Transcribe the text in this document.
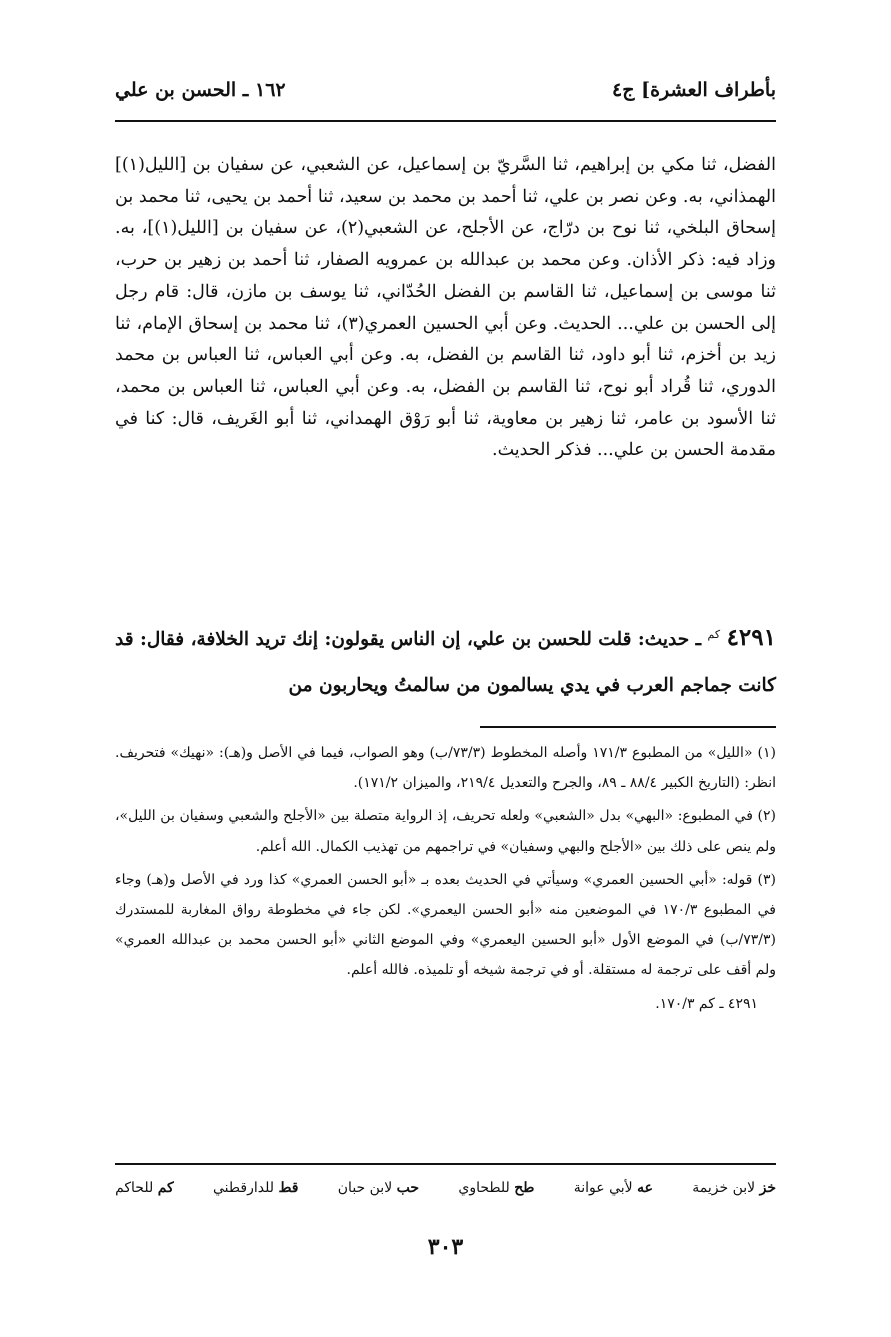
بأطراف العشرة] ج٤
١٦٢ ـ الحسن بن علي

الفضل، ثنا مكي بن إبراهيم، ثنا السَّريّ بن إسماعيل، عن الشعبي، عن سفيان بن [الليل(١)] الهمذاني، به. وعن نصر بن علي، ثنا أحمد بن محمد بن سعيد، ثنا أحمد بن يحيى، ثنا محمد بن إسحاق البلخي، ثنا نوح بن درّاج، عن الأجلح، عن الشعبي(٢)، عن سفيان بن [الليل(١)]، به. وزاد فيه: ذكر الأذان. وعن محمد بن عبدالله بن عمرويه الصفار، ثنا أحمد بن زهير بن حرب، ثنا موسى بن إسماعيل، ثنا القاسم بن الفضل الحُدّاني، ثنا يوسف بن مازن، قال: قام رجل إلى الحسن بن علي... الحديث. وعن أبي الحسين العمري(٣)، ثنا محمد بن إسحاق الإمام، ثنا زيد بن أخزم، ثنا أبو داود، ثنا القاسم بن الفضل، به. وعن أبي العباس، ثنا العباس بن محمد الدوري، ثنا قُراد أبو نوح، ثنا القاسم بن الفضل، به. وعن أبي العباس، ثنا العباس بن محمد، ثنا الأسود بن عامر، ثنا زهير بن معاوية، ثنا أبو رَوْق الهمداني، ثنا أبو الغَريف، قال: كنا في مقدمة الحسن بن علي... فذكر الحديث.

٤٢٩١ $^{كم}$ ـ حديث: قلت للحسن بن علي، إن الناس يقولون: إنك تريد الخلافة، فقال: قد كانت جماجم العرب في يدي يسالمون من سالمتُ ويحاربون من

(١) «الليل» من المطبوع ١٧١/٣ وأصله المخطوط (٧٣/٣/ب) وهو الصواب، فيما في الأصل و(هـ): «نهيك» فتحريف. انظر: (التاريخ الكبير ٨٨/٤ ـ ٨٩، والجرح والتعديل ٢١٩/٤، والميزان ١٧١/٢).

(٢) في المطبوع: «البهي» بدل «الشعبي» ولعله تحريف، إذ الرواية متصلة بين «الأجلح والشعبي وسفيان بن الليل»، ولم ينص على ذلك بين «الأجلح والبهي وسفيان» في تراجمهم من تهذيب الكمال. الله أعلم.

(٣) قوله: «أبي الحسين العمري» وسيأتي في الحديث بعده بـ «أبو الحسن العمري» كذا ورد في الأصل و(هـ) وجاء في المطبوع ١٧٠/٣ في الموضعين منه «أبو الحسن اليعمري». لكن جاء في مخطوطة رواق المغاربة للمستدرك (٧٣/٣/ب) في الموضع الأول «أبو الحسين اليعمري» وفي الموضع الثاني «أبو الحسن محمد بن عبدالله العمري» ولم أقف على ترجمة له مستقلة. أو في ترجمة شيخه أو تلميذه. فالله أعلم.

٤٢٩١ ـ كم ١٧٠/٣.

خز لابن خزيمة
عه لأبي عوانة
طح للطحاوي
حب لابن حبان
قط للدارقطني
كم للحاكم
٣٠٣
